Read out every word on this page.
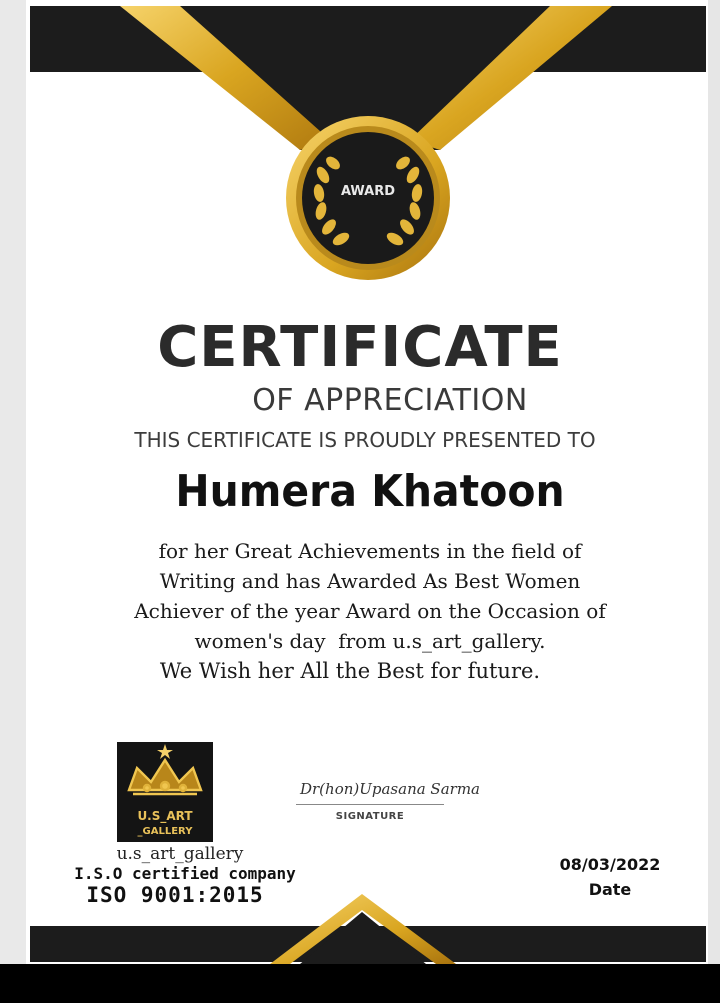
AWARD
CERTIFICATE
OF APPRECIATION
THIS CERTIFICATE IS PROUDLY PRESENTED TO
Humera Khatoon
for her Great Achievements in the field of
Writing and has Awarded As Best Women
Achiever of the year Award on the Occasion of
women's day  from u.s_art_gallery.
We Wish her All the Best for future.
U.S_ART
_GALLERY
u.s_art_gallery
I.S.O certified company
ISO 9001:2015
Dr(hon)Upasana Sarma
SIGNATURE
08/03/2022
Date
